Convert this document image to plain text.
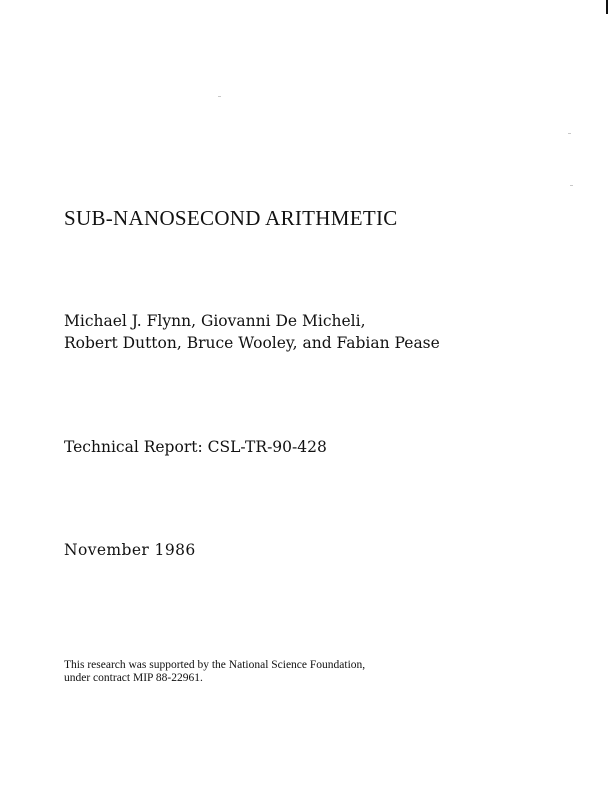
SUB-NANOSECOND ARITHMETIC
Michael J. Flynn, Giovanni De Micheli,
Robert Dutton, Bruce Wooley, and Fabian Pease
Technical Report: CSL-TR-90-428
November 1986
This research was supported by the National Science Foundation,
under contract MIP 88-22961.
